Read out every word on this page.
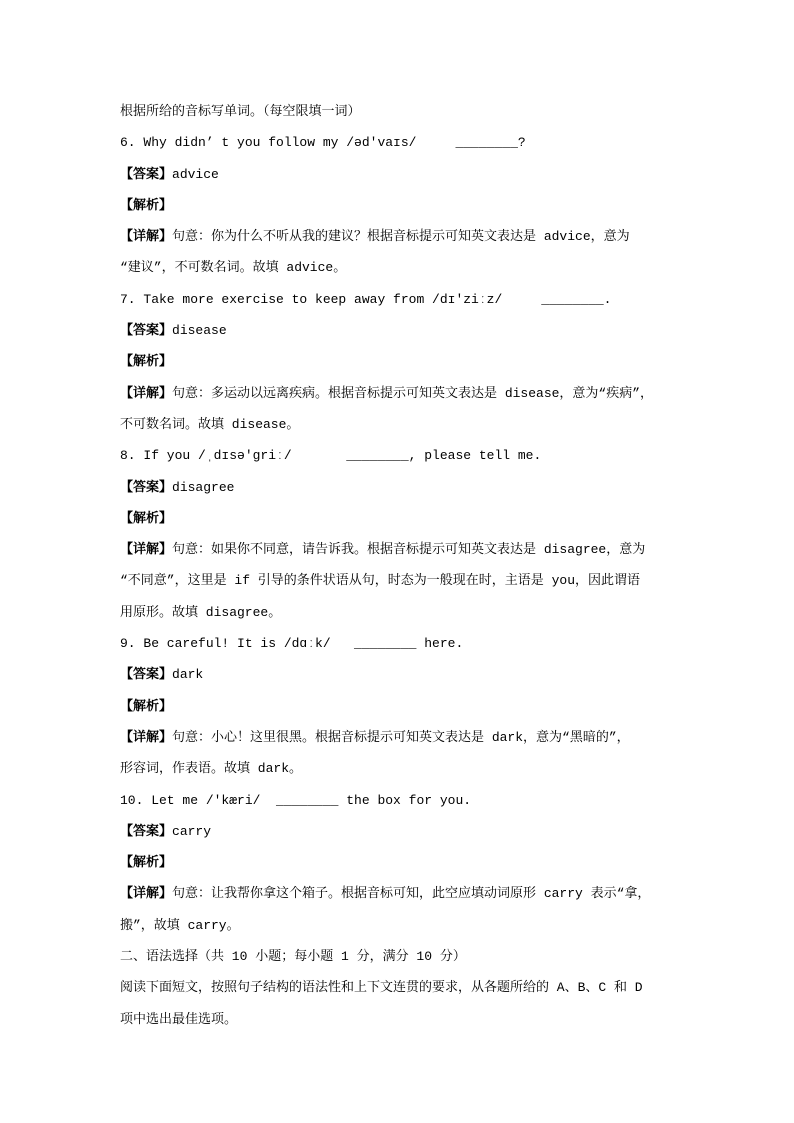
根据所给的音标写单词。（每空限填一词）
6. Why didn’ t you follow my /əd'vaɪs/     ________?
【答案】advice
【解析】
【详解】句意：你为什么不听从我的建议？根据音标提示可知英文表达是 advice，意为
“建议”，不可数名词。故填 advice。
7. Take more exercise to keep away from /dɪ'ziːz/     ________.
【答案】disease
【解析】
【详解】句意：多运动以远离疾病。根据音标提示可知英文表达是 disease，意为“疾病”，
不可数名词。故填 disease。
8. If you /ˌdɪsə'ɡriː/       ________, please tell me.
【答案】disagree
【解析】
【详解】句意：如果你不同意，请告诉我。根据音标提示可知英文表达是 disagree，意为
“不同意”，这里是 if 引导的条件状语从句，时态为一般现在时，主语是 you，因此谓语
用原形。故填 disagree。
9. Be careful! It is /dɑːk/   ________ here.
【答案】dark
【解析】
【详解】句意：小心！这里很黑。根据音标提示可知英文表达是 dark，意为“黑暗的”，
形容词，作表语。故填 dark。
10. Let me /'kæri/  ________ the box for you.
【答案】carry
【解析】
【详解】句意：让我帮你拿这个箱子。根据音标可知，此空应填动词原形 carry 表示“拿，
搬”，故填 carry。
二、语法选择（共 10 小题；每小题 1 分，满分 10 分）
阅读下面短文，按照句子结构的语法性和上下文连贯的要求，从各题所给的 A、B、C 和 D
项中选出最佳选项。
